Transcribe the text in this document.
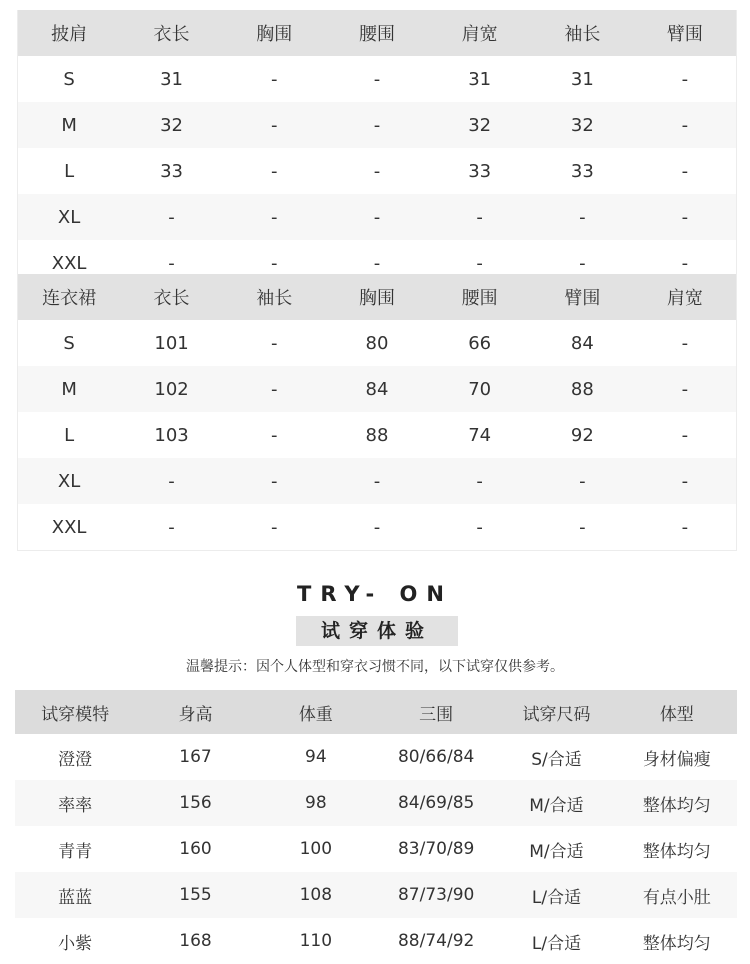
披肩	衣长	胸围	腰围	肩宽	袖长	臂围
S	31	-	-	31	31	-
M	32	-	-	32	32	-
L	33	-	-	33	33	-
XL	-	-	-	-	-	-
XXL	-	-	-	-	-	-
连衣裙	衣长	袖长	胸围	腰围	臂围	肩宽
S	101	-	80	66	84	-
M	102	-	84	70	88	-
L	103	-	88	74	92	-
XL	-	-	-	-	-	-
XXL	-	-	-	-	-	-
TRY- ON
试穿体验
温馨提示：因个人体型和穿衣习惯不同，以下试穿仅供参考。
试穿模特	身高	体重	三围	试穿尺码	体型
澄澄	167	94	80/66/84	S/合适	身材偏瘦
率率	156	98	84/69/85	M/合适	整体均匀
青青	160	100	83/70/89	M/合适	整体均匀
蓝蓝	155	108	87/73/90	L/合适	有点小肚
小紫	168	110	88/74/92	L/合适	整体均匀
